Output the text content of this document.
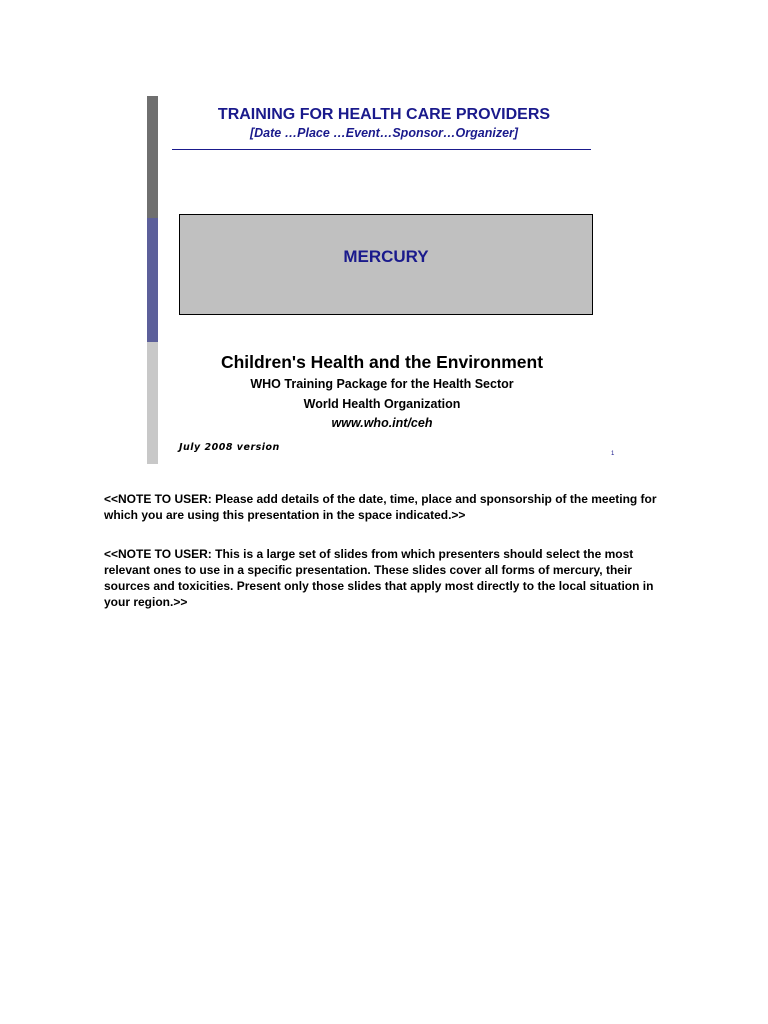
TRAINING FOR HEALTH CARE PROVIDERS

[Date …Place …Event…Sponsor…Organizer]

MERCURY

Children's Health and the Environment

WHO Training Package for the Health Sector

World Health Organization

www.who.int/ceh

July 2008 version
1

<<NOTE TO USER: Please add details of the date, time, place and sponsorship of the meeting for which you are using this presentation in the space indicated.>>

<<NOTE TO USER: This is a large set of slides from which presenters should select the most relevant ones to use in a specific presentation. These slides cover all forms of mercury, their sources and toxicities. Present only those slides that apply most directly to the local situation in your region.>>
